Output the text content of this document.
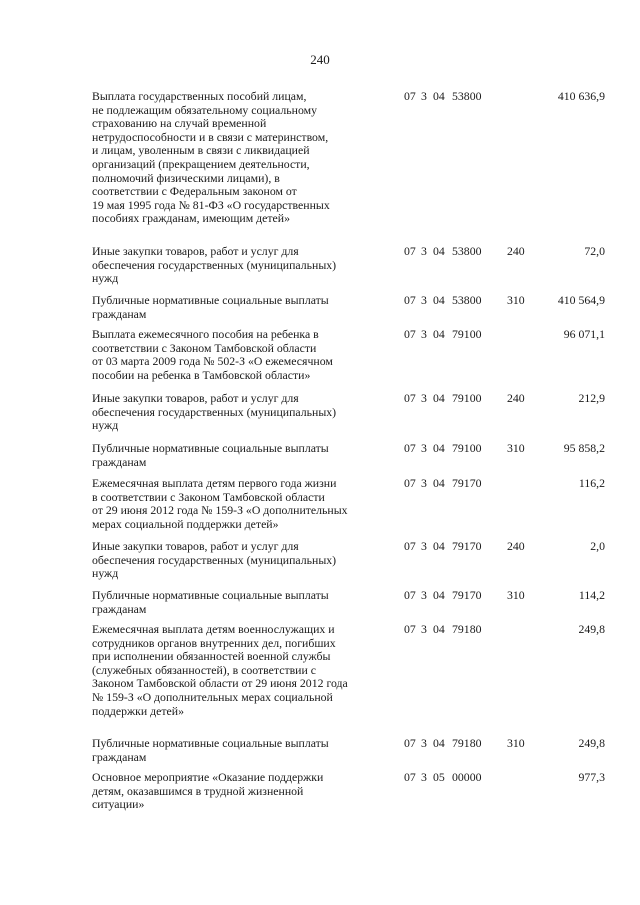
240
Выплата государственных пособий лицам,
не подлежащим обязательному социальному
страхованию на случай временной
нетрудоспособности и в связи с материнством,
и лицам, уволенным в связи с ликвидацией
организаций (прекращением деятельности,
полномочий физическими лицами), в
соответствии с Федеральным законом от
19 мая 1995 года № 81-ФЗ «О государственных
пособиях гражданам, имеющим детей»
07 3 04 53800	410 636,9
Иные закупки товаров, работ и услуг для
обеспечения государственных (муниципальных)
нужд
07 3 04 53800 240	72,0
Публичные нормативные социальные выплаты
гражданам
07 3 04 53800 310	410 564,9
Выплата ежемесячного пособия на ребенка в
соответствии с Законом Тамбовской области
от 03 марта 2009 года № 502-З «О ежемесячном
пособии на ребенка в Тамбовской области»
07 3 04 79100	96 071,1
Иные закупки товаров, работ и услуг для
обеспечения государственных (муниципальных)
нужд
07 3 04 79100 240	212,9
Публичные нормативные социальные выплаты
гражданам
07 3 04 79100 310	95 858,2
Ежемесячная выплата детям первого года жизни
в соответствии с Законом Тамбовской области
от 29 июня 2012 года № 159-З «О дополнительных
мерах социальной поддержки детей»
07 3 04 79170	116,2
Иные закупки товаров, работ и услуг для
обеспечения государственных (муниципальных)
нужд
07 3 04 79170 240	2,0
Публичные нормативные социальные выплаты
гражданам
07 3 04 79170 310	114,2
Ежемесячная выплата детям военнослужащих и
сотрудников органов внутренних дел, погибших
при исполнении обязанностей военной службы
(служебных обязанностей), в соответствии с
Законом Тамбовской области от 29 июня 2012 года
№ 159-З «О дополнительных мерах социальной
поддержки детей»
07 3 04 79180	249,8
Публичные нормативные социальные выплаты
гражданам
07 3 04 79180 310	249,8
Основное мероприятие «Оказание поддержки
детям, оказавшимся в трудной жизненной
ситуации»
07 3 05 00000	977,3
